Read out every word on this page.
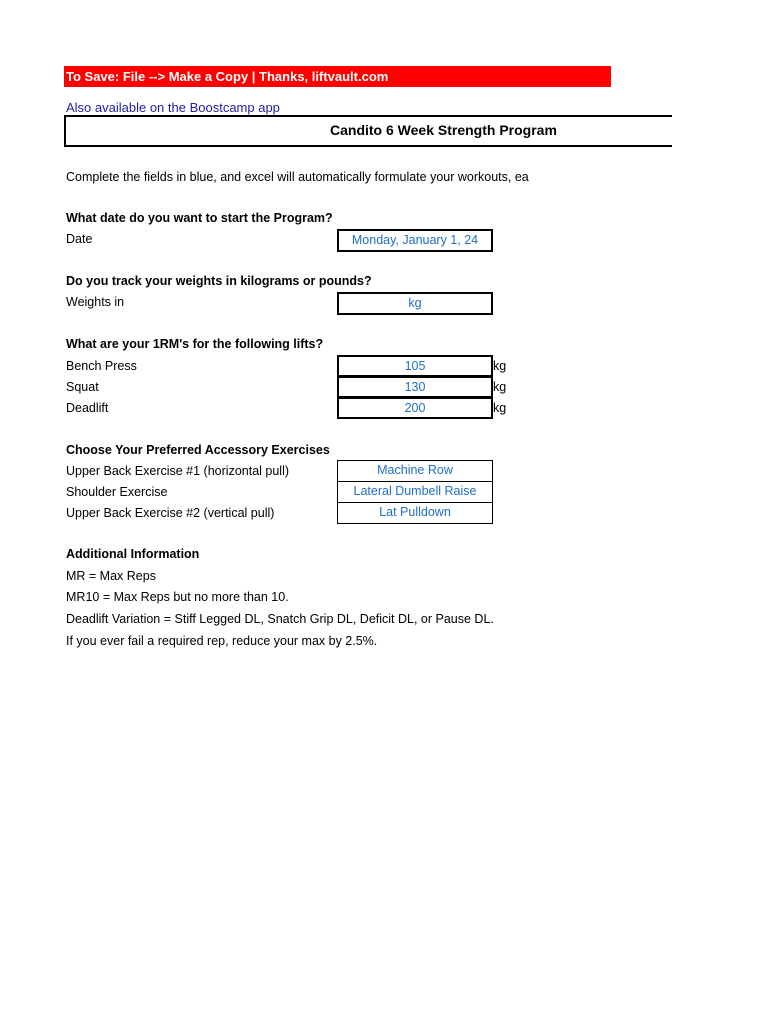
To Save: File --> Make a Copy | Thanks, liftvault.com
Also available on the Boostcamp app
Candito 6 Week Strength Program
Complete the fields in blue, and excel will automatically formulate your workouts, ea
What date do you want to start the Program?
Date	Monday, January 1, 24
Do you track your weights in kilograms or pounds?
Weights in	kg
What are your 1RM's for the following lifts?
Bench Press	105	kg
Squat	130	kg
Deadlift	200	kg
Choose Your Preferred Accessory Exercises
Upper Back Exercise #1 (horizontal pull)	Machine Row
Shoulder Exercise	Lateral Dumbell Raise
Upper Back Exercise #2 (vertical pull)	Lat Pulldown
Additional Information
MR = Max Reps
MR10 = Max Reps but no more than 10.
Deadlift Variation = Stiff Legged DL, Snatch Grip DL, Deficit DL, or Pause DL.
If you ever fail a required rep, reduce your max by 2.5%.
